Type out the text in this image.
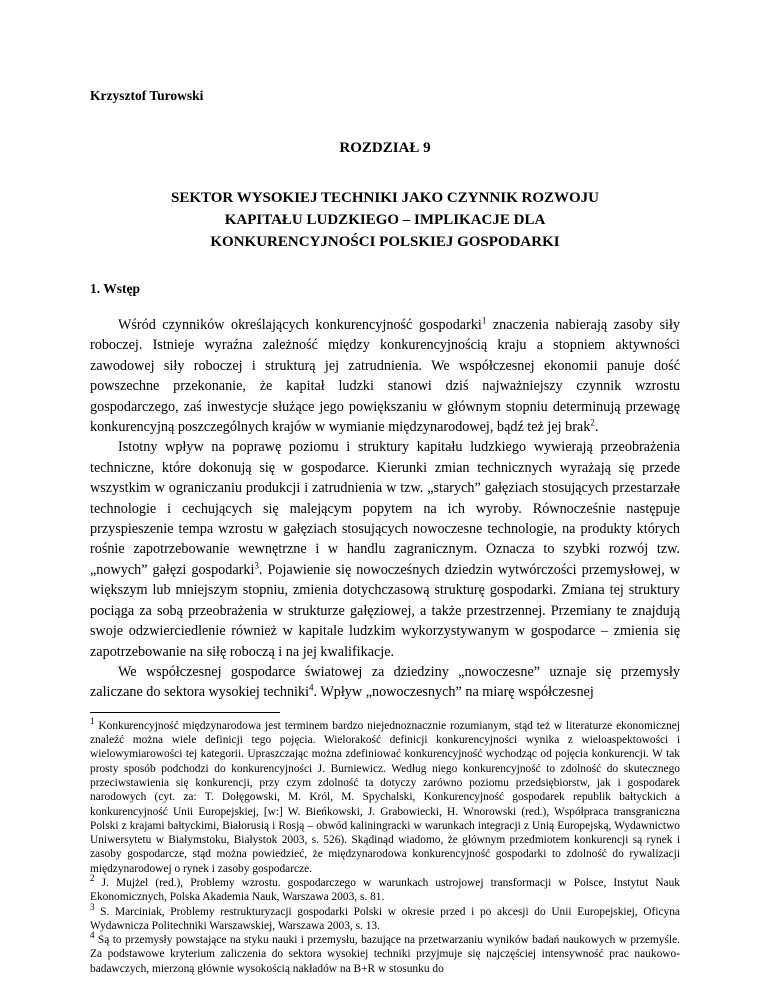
Krzysztof Turowski
ROZDZIAŁ 9
SEKTOR WYSOKIEJ TECHNIKI JAKO CZYNNIK ROZWOJU
KAPITAŁU LUDZKIEGO – IMPLIKACJE DLA
KONKURENCYJNOŚCI POLSKIEJ GOSPODARKI
1. Wstęp

Wśród czynników określających konkurencyjność gospodarki$^1$ znaczenia nabierają zasoby siły roboczej. Istnieje wyraźna zależność między konkurencyjnością kraju a stopniem aktywności zawodowej siły roboczej i strukturą jej zatrudnienia. We współczesnej ekonomii panuje dość powszechne przekonanie, że kapitał ludzki stanowi dziś najważniejszy czynnik wzrostu gospodarczego, zaś inwestycje służące jego powiększaniu w głównym stopniu determinują przewagę konkurencyjną poszczególnych krajów w wymianie międzynarodowej, bądź też jej brak$^2$.

Istotny wpływ na poprawę poziomu i struktury kapitału ludzkiego wywierają przeobrażenia techniczne, które dokonują się w gospodarce. Kierunki zmian technicznych wyrażają się przede wszystkim w ograniczaniu produkcji i zatrudnienia w tzw. „starych” gałęziach stosujących przestarzałe technologie i cechujących się malejącym popytem na ich wyroby. Równocześnie następuje przyspieszenie tempa wzrostu w gałęziach stosujących nowoczesne technologie, na produkty których rośnie zapotrzebowanie wewnętrzne i w handlu zagranicznym. Oznacza to szybki rozwój tzw. „nowych” gałęzi gospodarki$^3$. Pojawienie się nowocześnych dziedzin wytwórczości przemysłowej, w większym lub mniejszym stopniu, zmienia dotychczasową strukturę gospodarki. Zmiana tej struktury pociąga za sobą przeobrażenia w strukturze gałęziowej, a także przestrzennej. Przemiany te znajdują swoje odzwierciedlenie również w kapitale ludzkim wykorzystywanym w gospodarce – zmienia się zapotrzebowanie na siłę roboczą i na jej kwalifikacje.

We współczesnej gospodarce światowej za dziedziny „nowoczesne” uznaje się przemysły zaliczane do sektora wysokiej techniki$^4$. Wpływ „nowoczesnych” na miarę współczesnej

$^1$ Konkurencyjność międzynarodowa jest terminem bardzo niejednoznacznie rozumianym, stąd też w literaturze ekonomicznej znaleźć można wiele definicji tego pojęcia. Wielorakość definicji konkurencyjności wynika z wieloaspektowości i wielowymiarowości tej kategorii. Upraszczając można zdefiniować konkurencyjność wychodząc od pojęcia konkurencji. W tak prosty sposób podchodzi do konkurencyjności J. Burniewicz. Według niego konkurencyjność to zdolność do skutecznego przeciwstawienia się konkurencji, przy czym zdolność ta dotyczy zarówno poziomu przedsiębiorstw, jak i gospodarek narodowych (cyt. za: T. Dołęgowski, M. Król, M. Spychalski, Konkurencyjność gospodarek republik bałtyckich a konkurencyjność Unii Europejskiej, [w:] W. Bieńkowski, J. Grabowiecki, H. Wnorowski (red.), Współpraca transgraniczna Polski z krajami bałtyckimi, Białorusią i Rosją – obwód kaliningracki w warunkach integracji z Unią Europejską, Wydawnictwo Uniwersytetu w Białymstoku, Białystok 2003, s. 526). Skądinąd wiadomo, że głównym przedmiotem konkurencji są rynek i zasoby gospodarcze, stąd można powiedzieć, że międzynarodowa konkurencyjność gospodarki to zdolność do rywalizacji międzynarodowej o rynek i zasoby gospodarcze.

$^2$ J. Mujżel (red.), Problemy wzrostu. gospodarczego w warunkach ustrojowej transformacji w Polsce, Instytut Nauk Ekonomicznych, Polska Akademia Nauk, Warszawa 2003, s. 81.

$^3$ S. Marciniak, Problemy restrukturyzacji gospodarki Polski w okresie przed i po akcesji do Unii Europejskiej, Oficyna Wydawnicza Politechniki Warszawskiej, Warszawa 2003, s. 13.

$^4$ Są to przemysły powstające na styku nauki i przemysłu, bazujące na przetwarzaniu wyników badań naukowych w przemyśle. Za podstawowe kryterium zaliczenia do sektora wysokiej techniki przyjmuje się najczęściej intensywność prac naukowo-badawczych, mierzoną głównie wysokością nakładów na B+R w stosunku do
